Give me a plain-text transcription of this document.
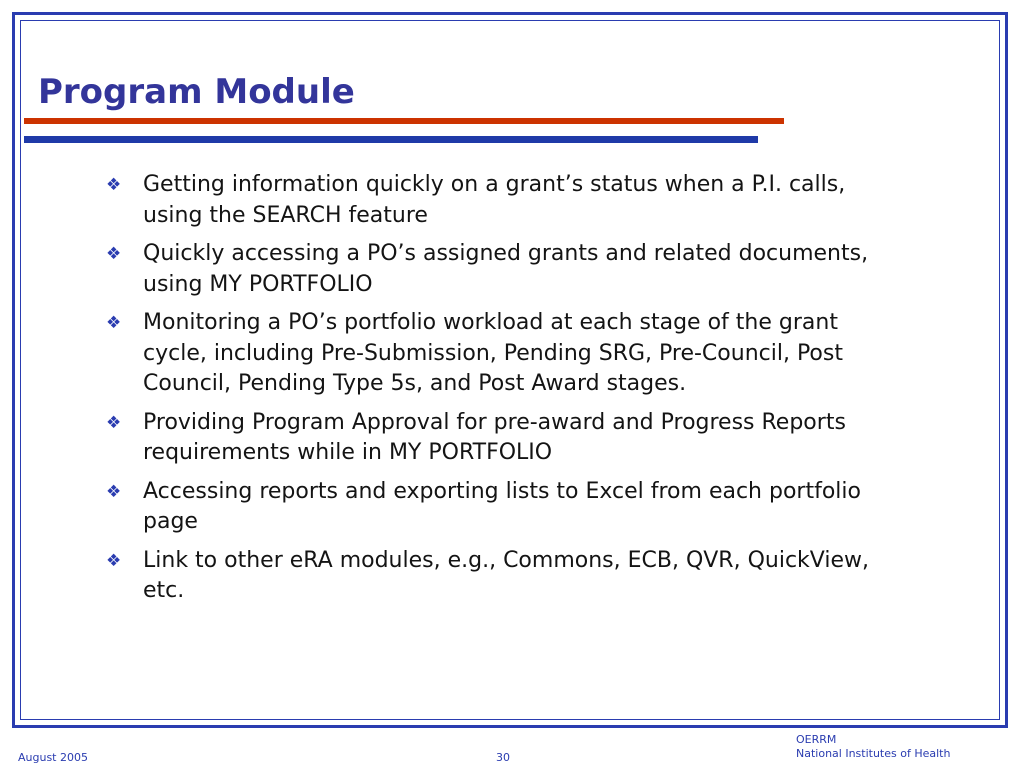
Program Module
❖ Getting information quickly on a grant’s status when a P.I. calls, using the SEARCH feature
❖ Quickly accessing a PO’s assigned grants and related documents, using MY PORTFOLIO
❖ Monitoring a PO’s portfolio workload at each stage of the grant cycle, including Pre-Submission, Pending SRG, Pre-Council, Post Council, Pending Type 5s, and Post Award stages.
❖ Providing Program Approval for pre-award and Progress Reports requirements while in MY PORTFOLIO
❖ Accessing reports and exporting lists to Excel from each portfolio page
❖ Link to other eRA modules, e.g., Commons, ECB, QVR, QuickView, etc.
August 2005	30
OERRM
National Institutes of Health
